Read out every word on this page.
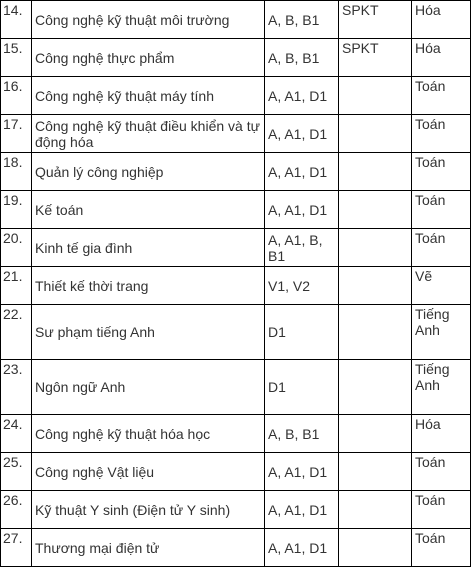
14.	Công nghệ kỹ thuật môi trường	A, B, B1	SPKT	Hóa
15.	Công nghệ thực phẩm	A, B, B1	SPKT	Hóa
16.	Công nghệ kỹ thuật máy tính	A, A1, D1		Toán
17.	Công nghệ kỹ thuật điều khiển và tự động hóa	A, A1, D1		Toán
18.	Quản lý công nghiệp	A, A1, D1		Toán
19.	Kế toán	A, A1, D1		Toán
20.	Kinh tế gia đình	A, A1, B, B1		Toán
21.	Thiết kế thời trang	V1, V2		Vẽ
22.	Sư phạm tiếng Anh	D1		Tiếng Anh
23.	Ngôn ngữ Anh	D1		Tiếng Anh
24.	Công nghệ kỹ thuật hóa học	A, B, B1		Hóa
25.	Công nghệ Vật liệu	A, A1, D1		Toán
26.	Kỹ thuật Y sinh (Điện tử Y sinh)	A, A1, D1		Toán
27.	Thương mại điện tử	A, A1, D1		Toán
